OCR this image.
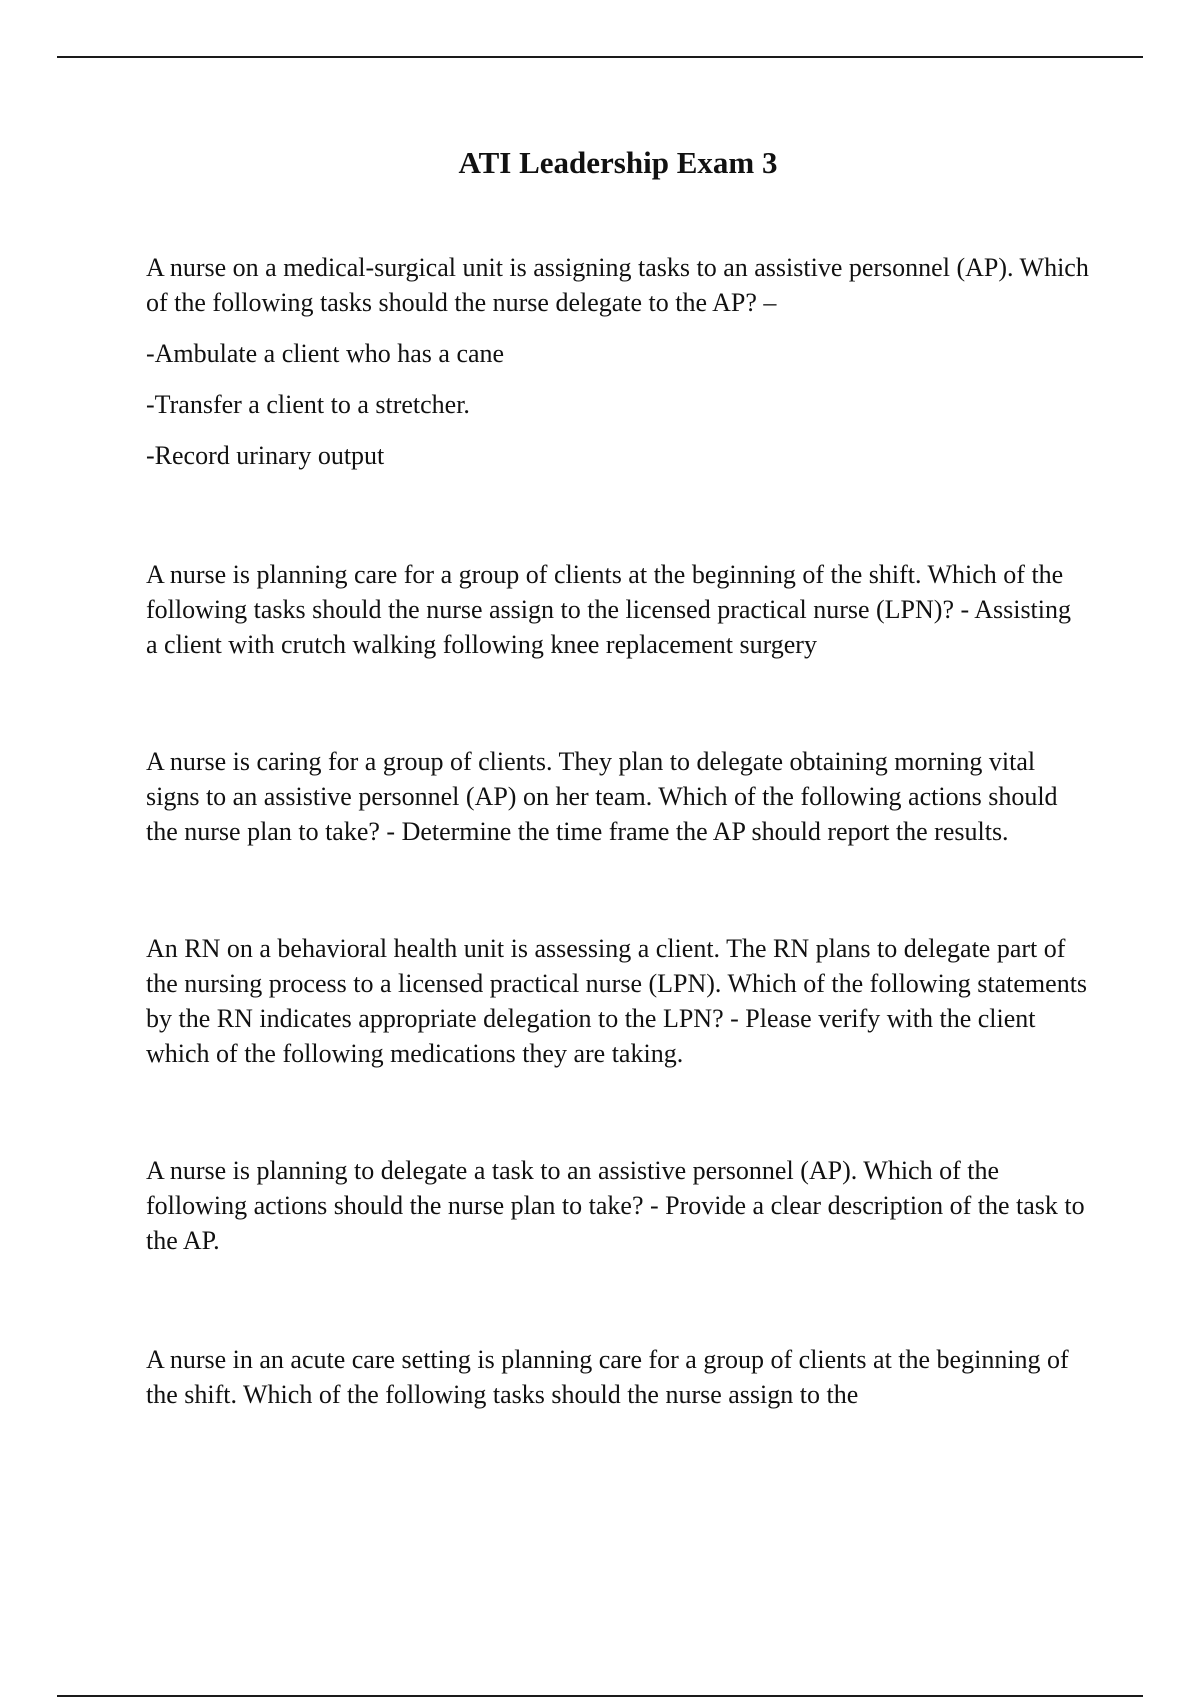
ATI Leadership Exam 3

A nurse on a medical-surgical unit is assigning tasks to an assistive personnel (AP). Which of the following tasks should the nurse delegate to the AP? –

-Ambulate a client who has a cane

-Transfer a client to a stretcher.

-Record urinary output

A nurse is planning care for a group of clients at the beginning of the shift. Which of the following tasks should the nurse assign to the licensed practical nurse (LPN)? - Assisting a client with crutch walking following knee replacement surgery

A nurse is caring for a group of clients. They plan to delegate obtaining morning vital signs to an assistive personnel (AP) on her team. Which of the following actions should the nurse plan to take? - Determine the time frame the AP should report the results.

An RN on a behavioral health unit is assessing a client. The RN plans to delegate part of the nursing process to a licensed practical nurse (LPN). Which of the following statements by the RN indicates appropriate delegation to the LPN? - Please verify with the client which of the following medications they are taking.

A nurse is planning to delegate a task to an assistive personnel (AP). Which of the following actions should the nurse plan to take? - Provide a clear description of the task to the AP.

A nurse in an acute care setting is planning care for a group of clients at the beginning of the shift. Which of the following tasks should the nurse assign to the
